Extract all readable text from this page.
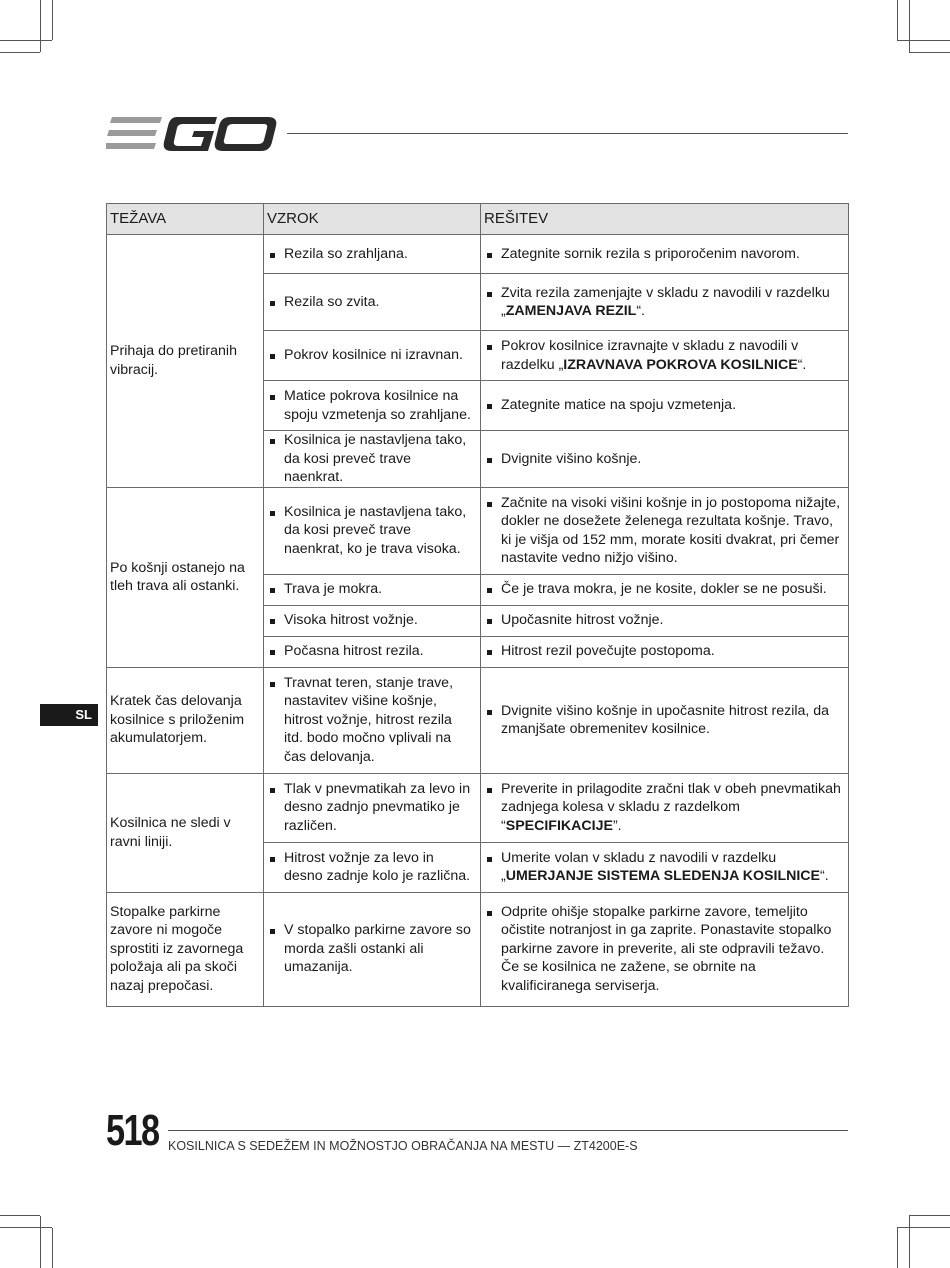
TEŽAVA	VZROK	REŠITEV
Prihaja do pretiranih vibracij.	Rezila so zrahljana.	Zategnite sornik rezila s priporočenim navorom.

	Rezila so zvita.	Zvita rezila zamenjajte v skladu z navodili v razdelku „ZAMENJAVA REZIL“.

	Pokrov kosilnice ni izravnan.	Pokrov kosilnice izravnajte v skladu z navodili v razdelku „IZRAVNAVA POKROVA KOSILNICE“.

	Matice pokrova kosilnice na spoju vzmetenja so zrahljane.	Zategnite matice na spoju vzmetenja.

	Kosilnica je nastavljena tako, da kosi preveč trave naenkrat.	Dvignite višino košnje.

Po košnji ostanejo na tleh trava ali ostanki.	Kosilnica je nastavljena tako, da kosi preveč trave naenkrat, ko je trava visoka.	Začnite na visoki višini košnje in jo postopoma nižajte, dokler ne dosežete želenega rezultata košnje. Travo, ki je višja od 152 mm, morate kositi dvakrat, pri čemer nastavite vedno nižjo višino.

	Trava je mokra.	Če je trava mokra, je ne kosite, dokler se ne posuši.

	Visoka hitrost vožnje.	Upočasnite hitrost vožnje.

	Počasna hitrost rezila.	Hitrost rezil povečujte postopoma.

Kratek čas delovanja kosilnice s priloženim akumulatorjem.	Travnat teren, stanje trave, nastavitev višine košnje, hitrost vožnje, hitrost rezila itd. bodo močno vplivali na čas delovanja.	Dvignite višino košnje in upočasnite hitrost rezila, da zmanjšate obremenitev kosilnice.

Kosilnica ne sledi v ravni liniji.	Tlak v pnevmatikah za levo in desno zadnjo pnevmatiko je različen.	Preverite in prilagodite zračni tlak v obeh pnevmatikah zadnjega kolesa v skladu z razdelkom “SPECIFIKACIJE”.

	Hitrost vožnje za levo in desno zadnje kolo je različna.	Umerite volan v skladu z navodili v razdelku „UMERJANJE SISTEMA SLEDENJA KOSILNICE“.

Stopalke parkirne zavore ni mogoče sprostiti iz zavornega položaja ali pa skoči nazaj prepočasi.	V stopalko parkirne zavore so morda zašli ostanki ali umazanija.	Odprite ohišje stopalke parkirne zavore, temeljito očistite notranjost in ga zaprite. Ponastavite stopalko parkirne zavore in preverite, ali ste odpravili težavo. Če se kosilnica ne zažene, se obrnite na kvalificiranega serviserja.
SL
518 KOSILNICA S SEDEŽEM IN MOŽNOSTJO OBRAČANJA NA MESTU — ZT4200E-S
